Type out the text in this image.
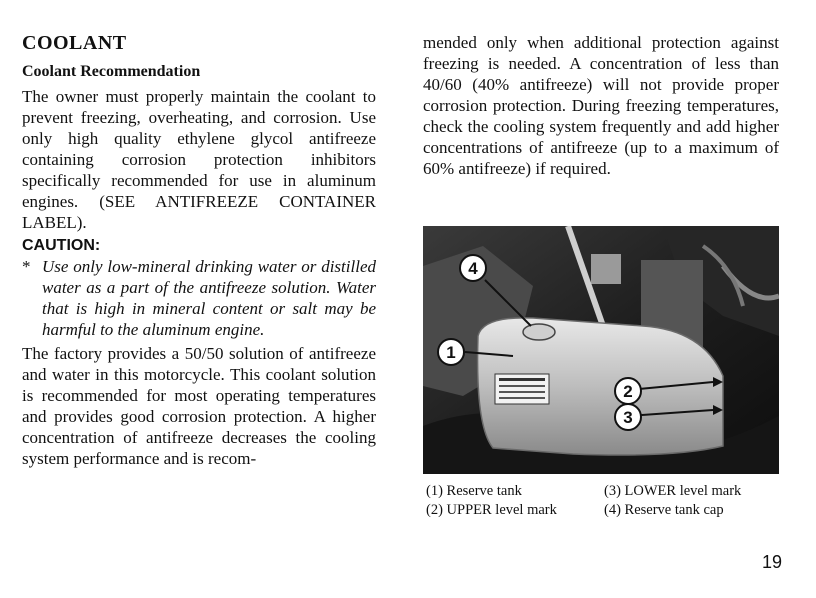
COOLANT
Coolant Recommendation

The owner must properly maintain the coolant to prevent freezing, overheating, and corrosion. Use only high quality ethylene glycol antifreeze containing corrosion protection inhibitors specifically recommended for use in aluminum engines. (SEE ANTIFREEZE CONTAINER LABEL).

CAUTION:
* Use only low-mineral drinking water or distilled water as a part of the antifreeze solution. Water that is high in mineral content or salt may be harmful to the aluminum engine.

The factory provides a 50/50 solution of antifreeze and water in this motorcycle. This coolant solution is recommended for most operating temperatures and provides good corrosion protection. A higher concentration of antifreeze decreases the cooling system performance and is recom-

mended only when additional protection against freezing is needed. A concentration of less than 40/60 (40% antifreeze) will not provide proper corrosion protection. During freezing temperatures, check the cooling system frequently and add higher concentrations of antifreeze (up to a maximum of 60% antifreeze) if required.

4
1
2
3
(1) Reserve tank	(3) LOWER level mark
(2) UPPER level mark	(4) Reserve tank cap
19
